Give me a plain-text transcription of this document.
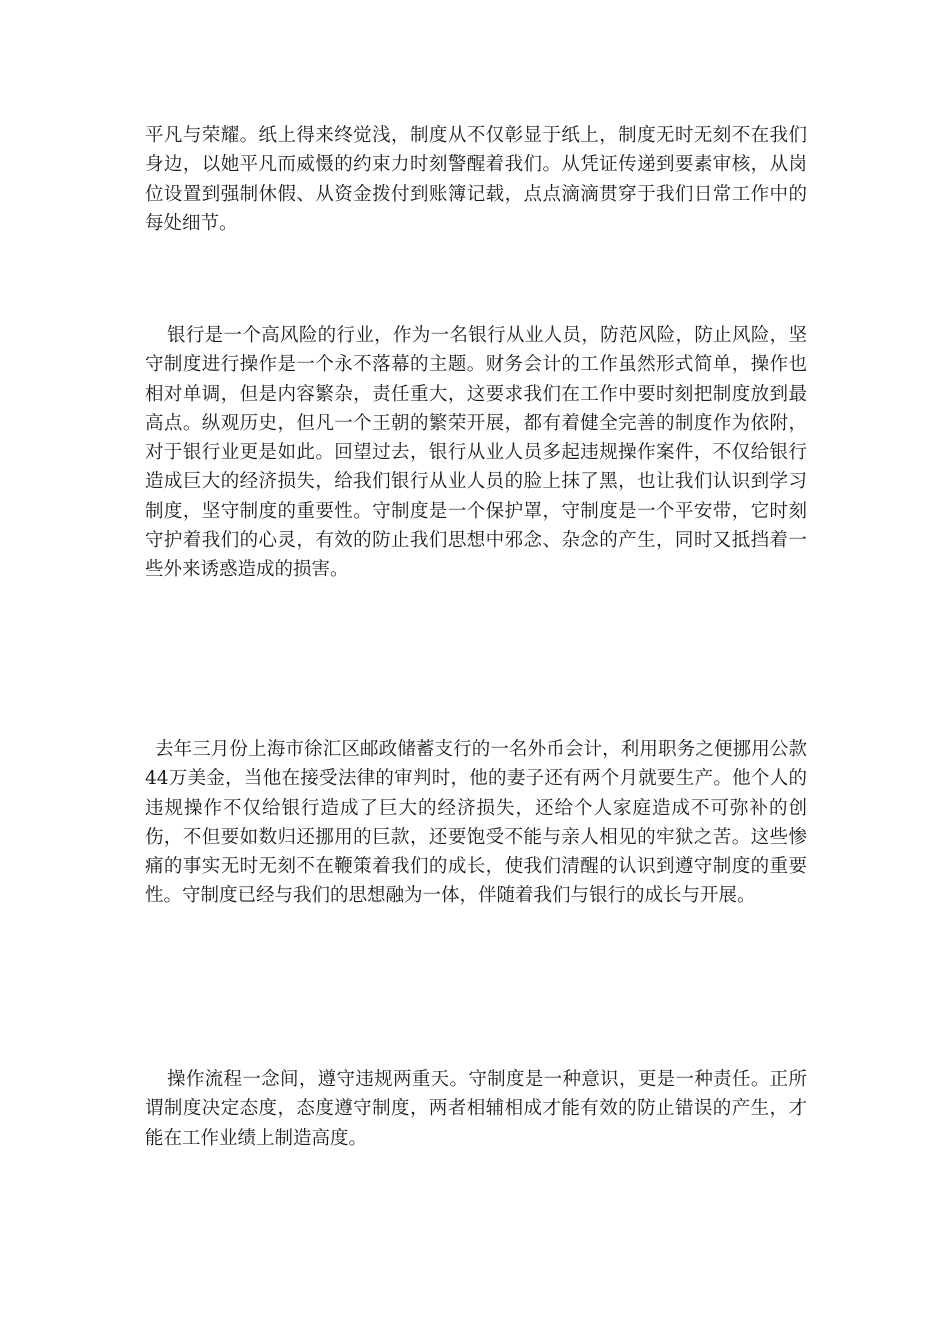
平凡与荣耀。纸上得来终觉浅，制度从不仅彰显于纸上，制度无时无刻不在我们身边，以她平凡而威慑的约束力时刻警醒着我们。从凭证传递到要素审核，从岗位设置到强制休假、从资金拨付到账簿记载，点点滴滴贯穿于我们日常工作中的每处细节。

银行是一个高风险的行业，作为一名银行从业人员，防范风险，防止风险，坚守制度进行操作是一个永不落幕的主题。财务会计的工作虽然形式简单，操作也相对单调，但是内容繁杂，责任重大，这要求我们在工作中要时刻把制度放到最高点。纵观历史，但凡一个王朝的繁荣开展，都有着健全完善的制度作为依附，对于银行业更是如此。回望过去，银行从业人员多起违规操作案件，不仅给银行造成巨大的经济损失，给我们银行从业人员的脸上抹了黑，也让我们认识到学习制度，坚守制度的重要性。守制度是一个保护罩，守制度是一个平安带，它时刻守护着我们的心灵，有效的防止我们思想中邪念、杂念的产生，同时又抵挡着一些外来诱惑造成的损害。

去年三月份上海市徐汇区邮政储蓄支行的一名外币会计，利用职务之便挪用公款44万美金，当他在接受法律的审判时，他的妻子还有两个月就要生产。他个人的违规操作不仅给银行造成了巨大的经济损失，还给个人家庭造成不可弥补的创伤，不但要如数归还挪用的巨款，还要饱受不能与亲人相见的牢狱之苦。这些惨痛的事实无时无刻不在鞭策着我们的成长，使我们清醒的认识到遵守制度的重要性。守制度已经与我们的思想融为一体，伴随着我们与银行的成长与开展。

操作流程一念间，遵守违规两重天。守制度是一种意识，更是一种责任。正所谓制度决定态度，态度遵守制度，两者相辅相成才能有效的防止错误的产生，才能在工作业绩上制造高度。
